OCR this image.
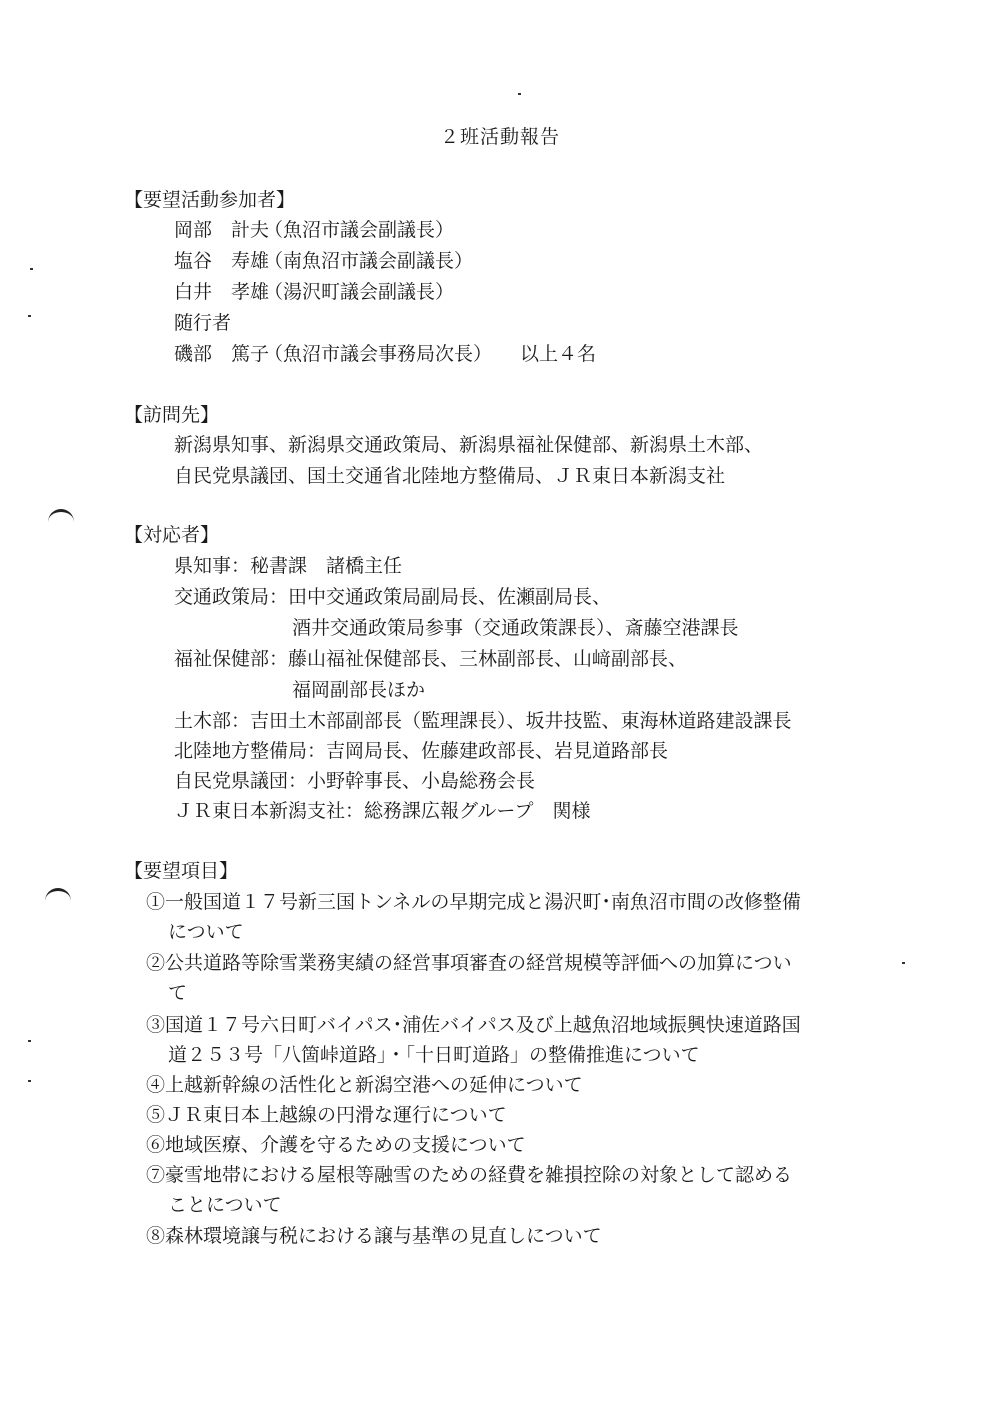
２班活動報告
【要望活動参加者】
岡部　計夫（魚沼市議会副議長）
塩谷　寿雄（南魚沼市議会副議長）
白井　孝雄（湯沢町議会副議長）
随行者
磯部　篤子（魚沼市議会事務局次長） 以上４名
【訪問先】
新潟県知事、新潟県交通政策局、新潟県福祉保健部、新潟県土木部、
自民党県議団、国土交通省北陸地方整備局、ＪＲ東日本新潟支社
【対応者】
県知事：秘書課　諸橋主任
交通政策局：田中交通政策局副局長、佐瀬副局長、
酒井交通政策局参事（交通政策課長）、斎藤空港課長
福祉保健部：藤山福祉保健部長、三林副部長、山﨑副部長、
福岡副部長ほか
土木部：吉田土木部副部長（監理課長）、坂井技監、東海林道路建設課長
北陸地方整備局：吉岡局長、佐藤建政部長、岩見道路部長
自民党県議団：小野幹事長、小島総務会長
ＪＲ東日本新潟支社：総務課広報グループ　関様
【要望項目】
①一般国道１７号新三国トンネルの早期完成と湯沢町･南魚沼市間の改修整備
について
②公共道路等除雪業務実績の経営事項審査の経営規模等評価への加算につい
て
③国道１７号六日町バイパス･浦佐バイパス及び上越魚沼地域振興快速道路国
道２５３号「八箇峠道路」・「十日町道路」の整備推進について
④上越新幹線の活性化と新潟空港への延伸について
⑤ＪＲ東日本上越線の円滑な運行について
⑥地域医療、介護を守るための支援について
⑦豪雪地帯における屋根等融雪のための経費を雑損控除の対象として認める
ことについて
⑧森林環境譲与税における譲与基準の見直しについて
